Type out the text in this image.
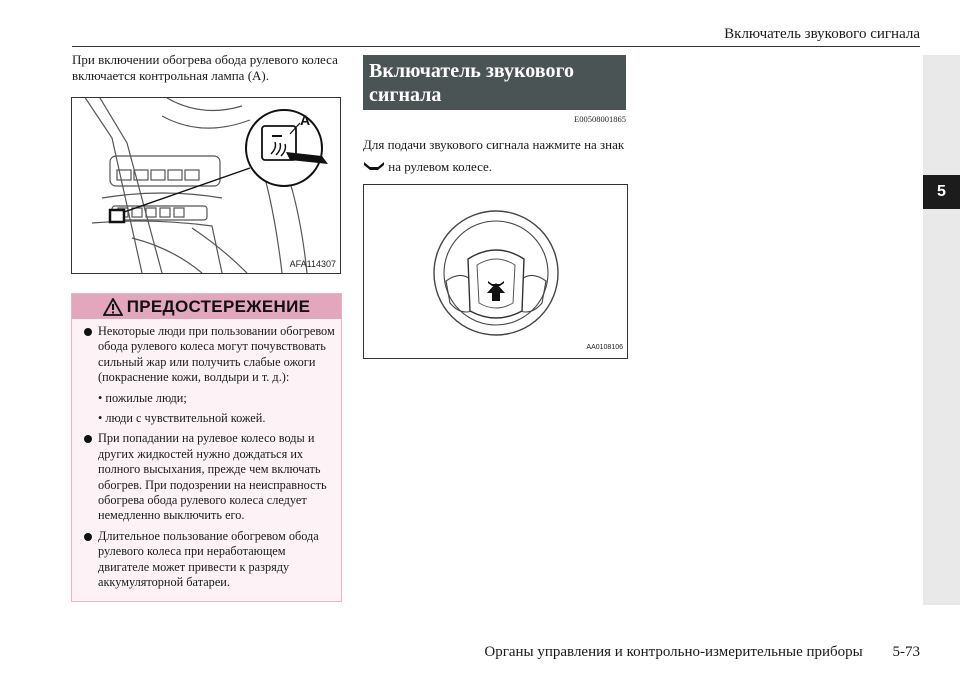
Включатель звукового сигнала
5
При включении обогрева обода рулевого колеса включается контрольная лампа (А).
A
AFA114307
ПРЕДОСТЕРЕЖЕНИЕ
Некоторые люди при пользовании обогревом обода рулевого колеса могут почувствовать сильный жар или получить слабые ожоги (покраснение кожи, волдыри и т. д.):
• пожилые люди;
• люди с чувствительной кожей.
При попадании на рулевое колесо воды и других жидкостей нужно дождаться их полного высыхания, прежде чем включать обогрев. При подозрении на неисправность обогрева обода рулевого колеса следует немедленно выключить его.
Длительное пользование обогревом обода рулевого колеса при неработающем двигателе может привести к разряду аккумуляторной батареи.
Включатель звукового сигнала
E00508001865
Для подачи звукового сигнала нажмите на знак  на рулевом колесе.
AA0108106
Органы управления и контрольно-измерительные приборы 5-73
